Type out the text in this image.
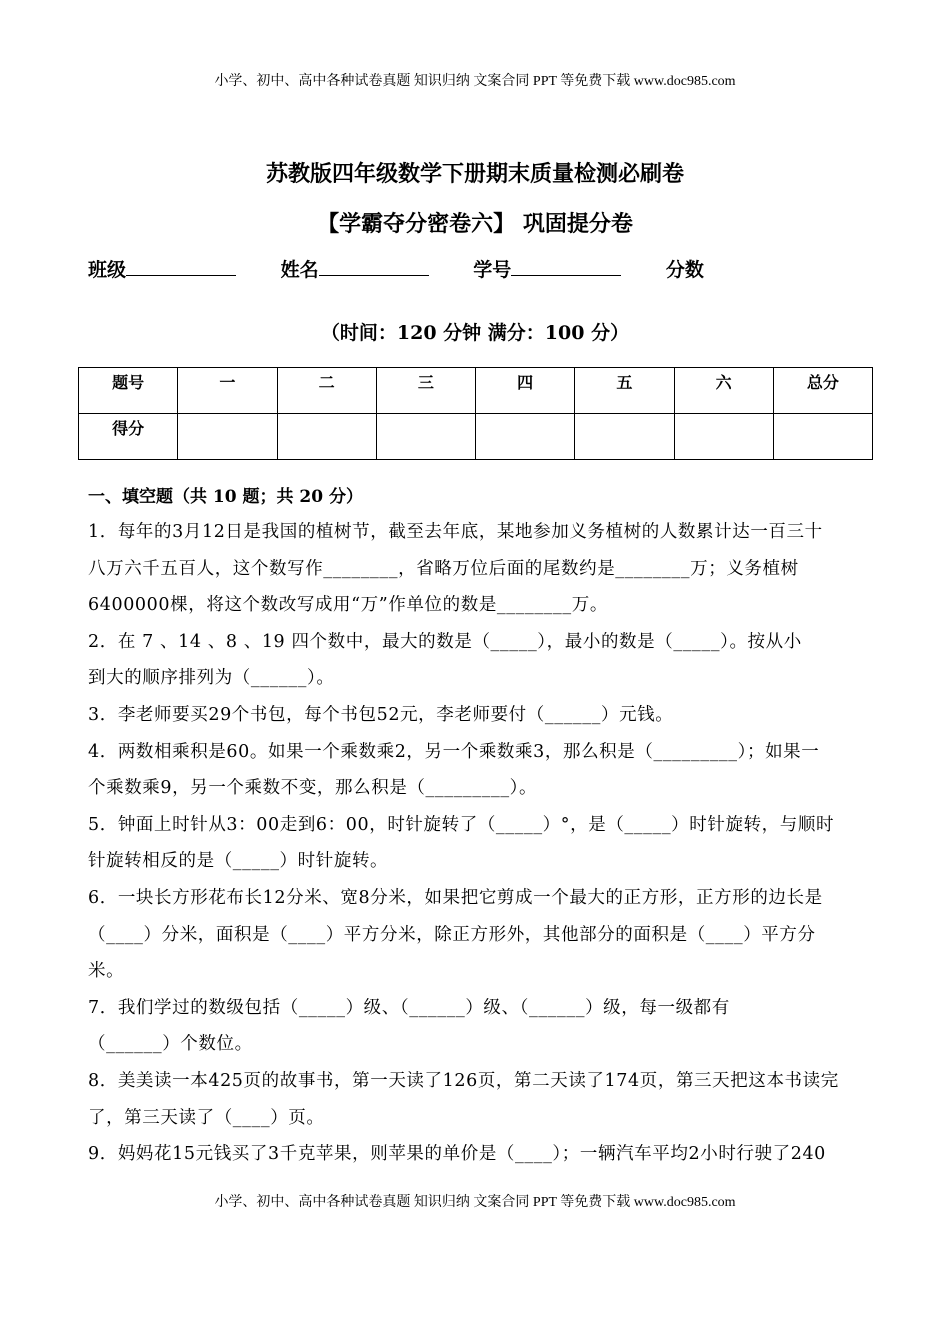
小学、初中、高中各种试卷真题 知识归纳 文案合同 PPT 等免费下载 www.doc985.com
苏教版四年级数学下册期末质量检测必刷卷
【学霸夺分密卷六】 巩固提分卷
班级	姓名	学号	分数
（时间：120 分钟 满分：100 分）
题号	一	二	三	四	五	六	总分
得分							
一、填空题（共 10 题；共 20 分）
1．每年的3月12日是我国的植树节，截至去年底，某地参加义务植树的人数累计达一百三十
八万六千五百人，这个数写作________，省略万位后面的尾数约是________万；义务植树
6400000棵，将这个数改写成用“万”作单位的数是________万。
2．在 7 、14 、8 、19 四个数中，最大的数是（_____），最小的数是（_____）。按从小
到大的顺序排列为（______）。
3．李老师要买29个书包，每个书包52元，李老师要付（______）元钱。
4．两数相乘积是60。如果一个乘数乘2，另一个乘数乘3，那么积是（_________）；如果一
个乘数乘9，另一个乘数不变，那么积是（_________）。
5．钟面上时针从3：00走到6：00，时针旋转了（_____）°，是（_____）时针旋转，与顺时
针旋转相反的是（_____）时针旋转。
6．一块长方形花布长12分米、宽8分米，如果把它剪成一个最大的正方形，正方形的边长是
（____）分米，面积是（____）平方分米，除正方形外，其他部分的面积是（____）平方分
米。
7．我们学过的数级包括（_____）级、（______）级、（______）级，每一级都有
（______）个数位。
8．美美读一本425页的故事书，第一天读了126页，第二天读了174页，第三天把这本书读完
了，第三天读了（____）页。
9．妈妈花15元钱买了3千克苹果，则苹果的单价是（____）；一辆汽车平均2小时行驶了240
小学、初中、高中各种试卷真题 知识归纳 文案合同 PPT 等免费下载 www.doc985.com
